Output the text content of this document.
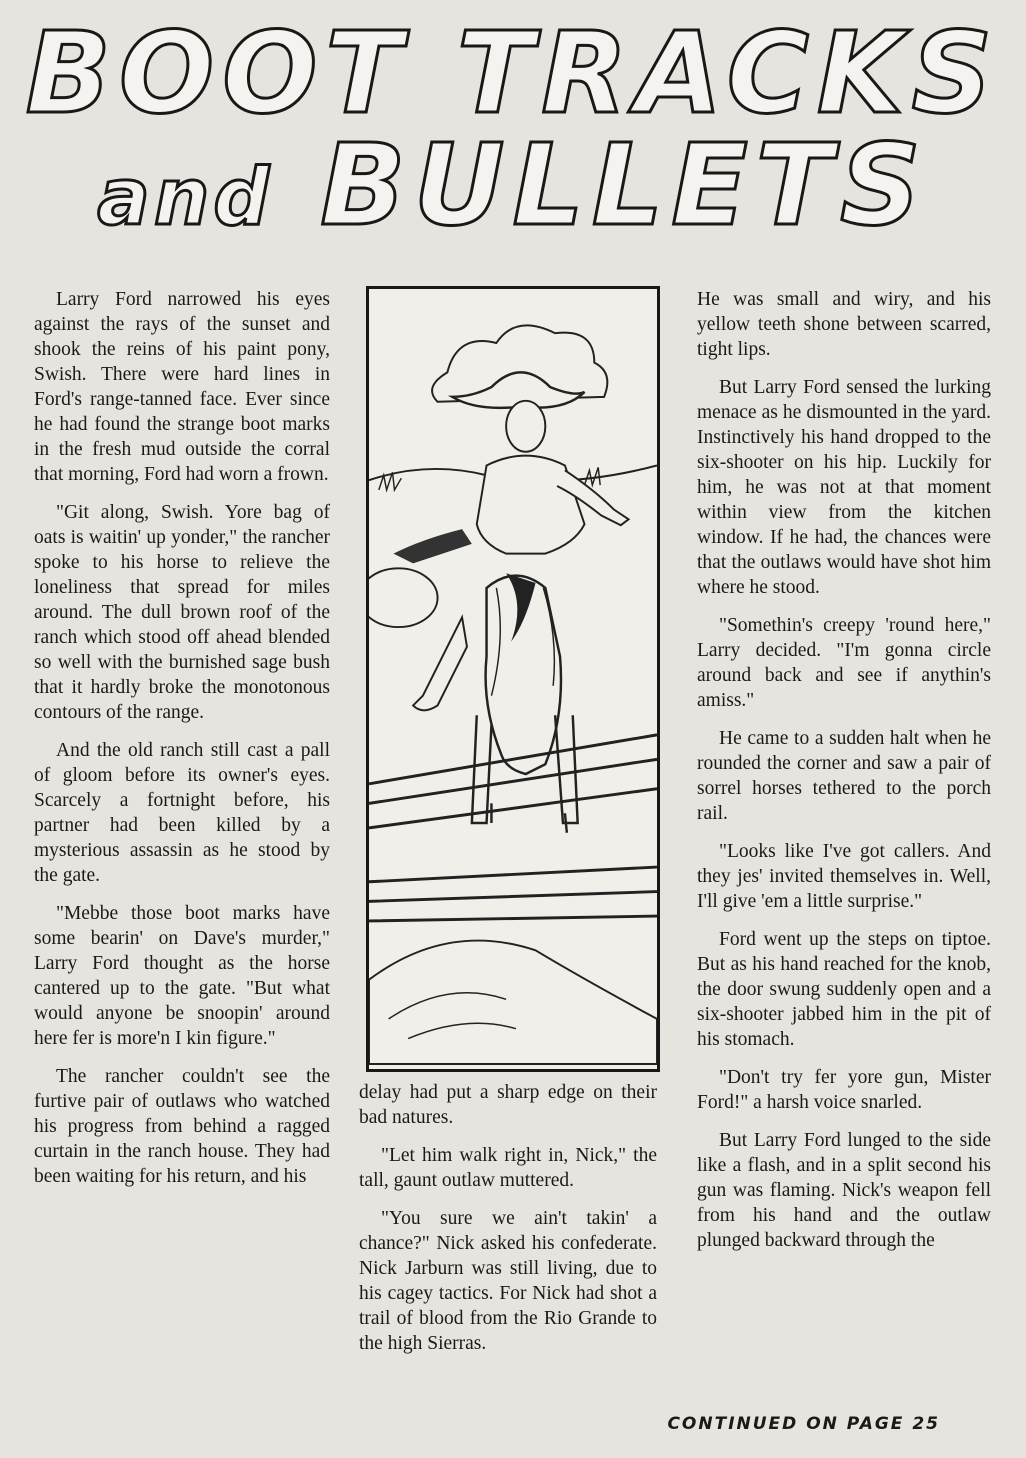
BOOT TRACKS
and BULLETS

Larry Ford narrowed his eyes against the rays of the sunset and shook the reins of his paint pony, Swish. There were hard lines in Ford's range-tanned face. Ever since he had found the strange boot marks in the fresh mud outside the corral that morning, Ford had worn a frown.

"Git along, Swish. Yore bag of oats is waitin' up yonder," the rancher spoke to his horse to relieve the loneliness that spread for miles around. The dull brown roof of the ranch which stood off ahead blended so well with the burnished sage bush that it hardly broke the monotonous contours of the range.

And the old ranch still cast a pall of gloom before its owner's eyes. Scarcely a fortnight before, his partner had been killed by a mysterious assassin as he stood by the gate.

"Mebbe those boot marks have some bearin' on Dave's murder," Larry Ford thought as the horse cantered up to the gate. "But what would anyone be snoopin' around here fer is more'n I kin figure."

The rancher couldn't see the furtive pair of outlaws who watched his progress from behind a ragged curtain in the ranch house. They had been waiting for his return, and his

delay had put a sharp edge on their bad natures.

"Let him walk right in, Nick," the tall, gaunt outlaw muttered.

"You sure we ain't takin' a chance?" Nick asked his confederate. Nick Jarburn was still living, due to his cagey tactics. For Nick had shot a trail of blood from the Rio Grande to the high Sierras.

He was small and wiry, and his yellow teeth shone between scarred, tight lips.

But Larry Ford sensed the lurking menace as he dismounted in the yard. Instinctively his hand dropped to the six-shooter on his hip. Luckily for him, he was not at that moment within view from the kitchen window. If he had, the chances were that the outlaws would have shot him where he stood.

"Somethin's creepy 'round here," Larry decided. "I'm gonna circle around back and see if anythin's amiss."

He came to a sudden halt when he rounded the corner and saw a pair of sorrel horses tethered to the porch rail.

"Looks like I've got callers. And they jes' invited themselves in. Well, I'll give 'em a little surprise."

Ford went up the steps on tiptoe. But as his hand reached for the knob, the door swung suddenly open and a six-shooter jabbed him in the pit of his stomach.

"Don't try fer yore gun, Mister Ford!" a harsh voice snarled.

But Larry Ford lunged to the side like a flash, and in a split second his gun was flaming. Nick's weapon fell from his hand and the outlaw plunged backward through the

CONTINUED ON PAGE 25
